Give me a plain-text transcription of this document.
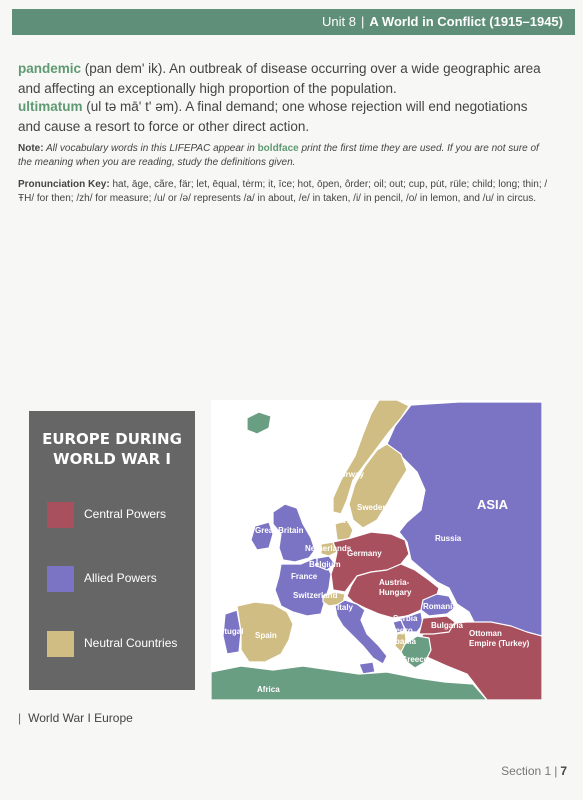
Unit 8 | A World in Conflict (1915–1945)
pandemic (pan dem' ik). An outbreak of disease occurring over a wide geographic area and affecting an exceptionally high proportion of the population.
ultimatum (ul tə mā' t' əm). A final demand; one whose rejection will end negotiations and cause a resort to force or other direct action.
Note: All vocabulary words in this LIFEPAC appear in boldface print the first time they are used. If you are not sure of the meaning when you are reading, study the definitions given.
Pronunciation Key: hat, āge, cãre, fär; let, ēqual, tėrm; it, īce; hot, ōpen, ôrder; oil; out; cup, pu̇t, rüle; child; long; thin; /ŦH/ for then; /zh/ for measure; /u/ or /ə/ represents /a/ in about, /e/ in taken, /i/ in pencil, /o/ in lemon, and /u/ in circus.
EUROPE DURING
WORLD WAR I
Central Powers
Allied Powers
Neutral Countries
Iceland
(Denmark)
Norway
Sweden
Denmark
Great Britain
Netherlands
Belgium
France
Switzerland
Portugal Spain
Italy
Germany
Austria-
Hungary
Serbia
Montenegro
Albania
Romania
Bulgaria
Greece
Ottoman
Empire (Turkey)
Russia
ASIA
Africa
| World War I Europe
Section 1 | 7
